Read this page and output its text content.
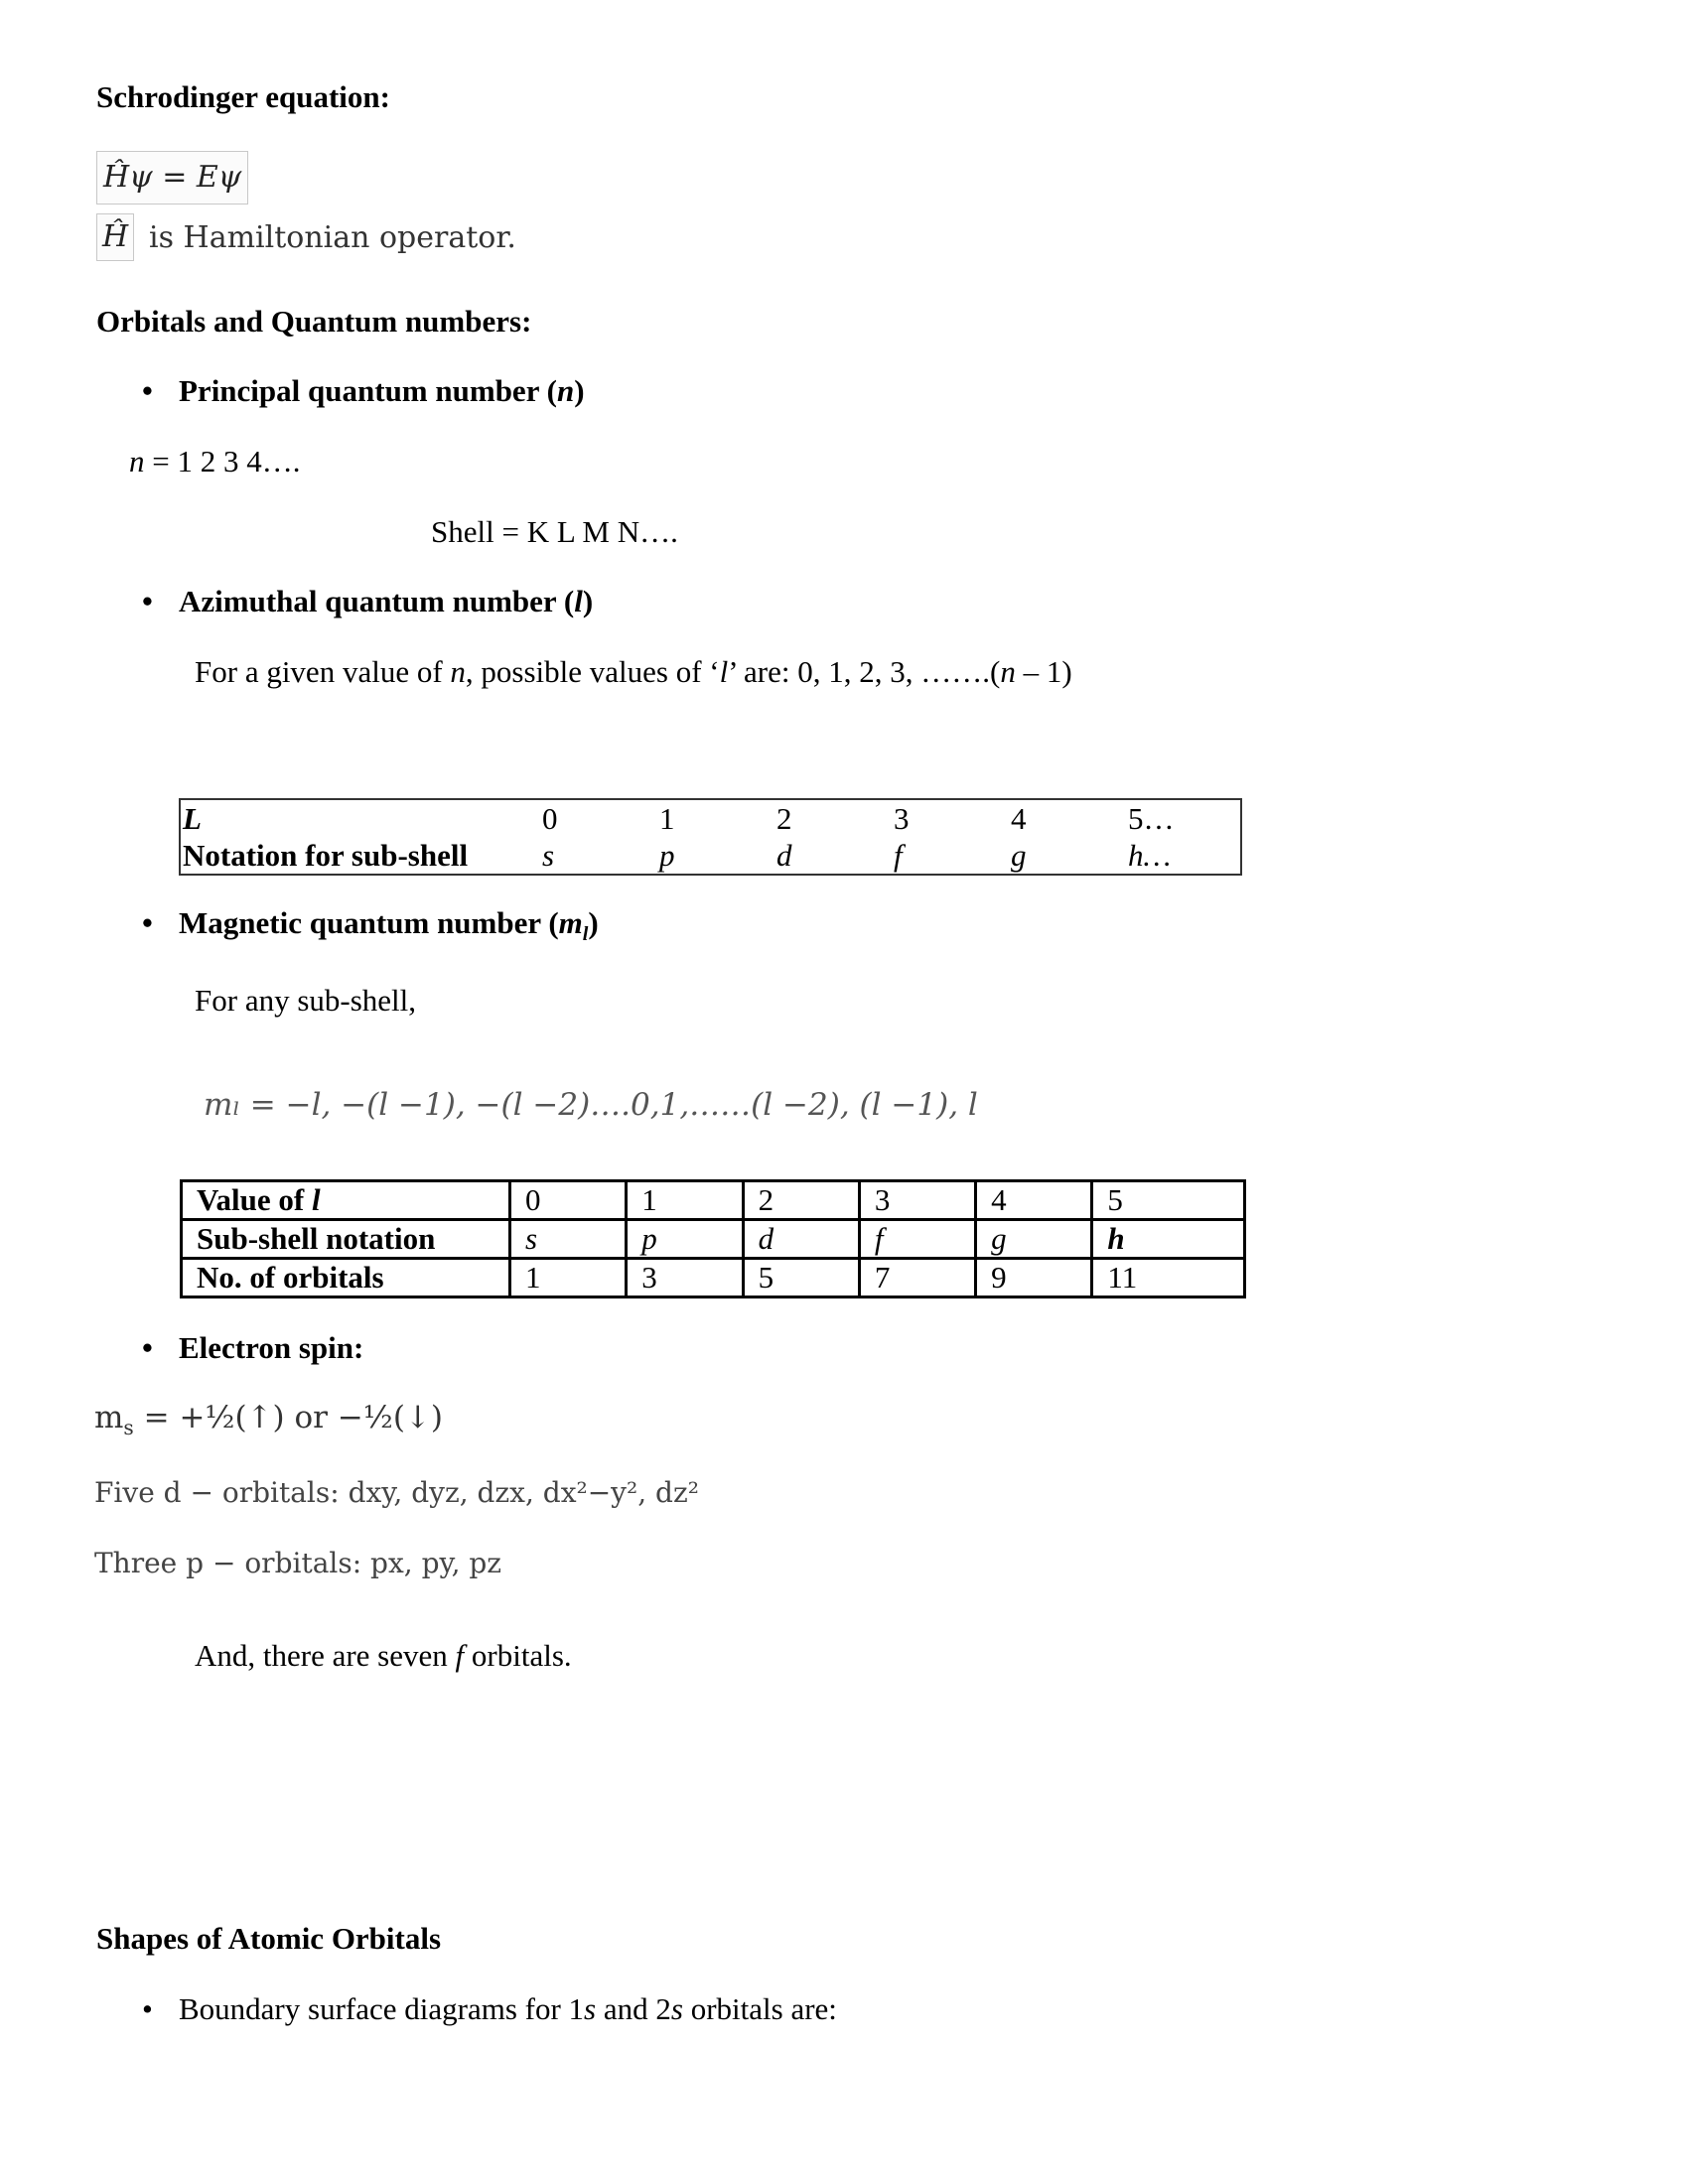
Schrodinger equation:
Ĥψ = Eψ
Ĥ is Hamiltonian operator.
Orbitals and Quantum numbers:
• Principal quantum number (n)
n = 1 2 3 4….
Shell = K L M N….
• Azimuthal quantum number (l)
For a given value of n, possible values of ‘l’ are: 0, 1, 2, 3, …….(n – 1)
L	0	1	2	3	4	5…
Notation for sub-shell	s	p	d	f	g	h…
• Magnetic quantum number $(m_l)$
For any sub-shell,
mₗ = −l, −(l −1), −(l −2)….0,1,……(l −2), (l −1), l
Value of l	0	1	2	3	4	5
Sub-shell notation	s	p	d	f	g	h
No. of orbitals	1	3	5	7	9	11
• Electron spin:
$m_s$ = +½(↑) or −½(↓)
Five d − orbitals: dxy, dyz, dzx, dx²−y², dz²
Three p − orbitals: px, py, pz
And, there are seven f orbitals.
Shapes of Atomic Orbitals
• Boundary surface diagrams for 1s and 2s orbitals are:
